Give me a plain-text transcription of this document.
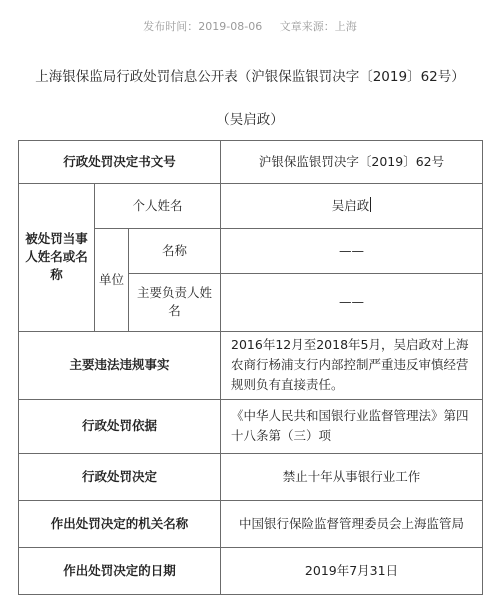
发布时间：2019-08-06 文章来源：上海
上海银保监局行政处罚信息公开表（沪银保监银罚决字〔2019〕62号）
（吴启政）
行政处罚决定书文号			沪银保监银罚决字〔2019〕62号
被处罚当事人姓名或名称	个人姓名		吴启政
	单位	名称	——
		主要负责人姓名	——
主要违法违规事实			2016年12月至2018年5月，吴启政对上海农商行杨浦支行内部控制严重违反审慎经营规则负有直接责任。
行政处罚依据			《中华人民共和国银行业监督管理法》第四十八条第（三）项
行政处罚决定			禁止十年从事银行业工作
作出处罚决定的机关名称			中国银行保险监督管理委员会上海监管局
作出处罚决定的日期			2019年7月31日
